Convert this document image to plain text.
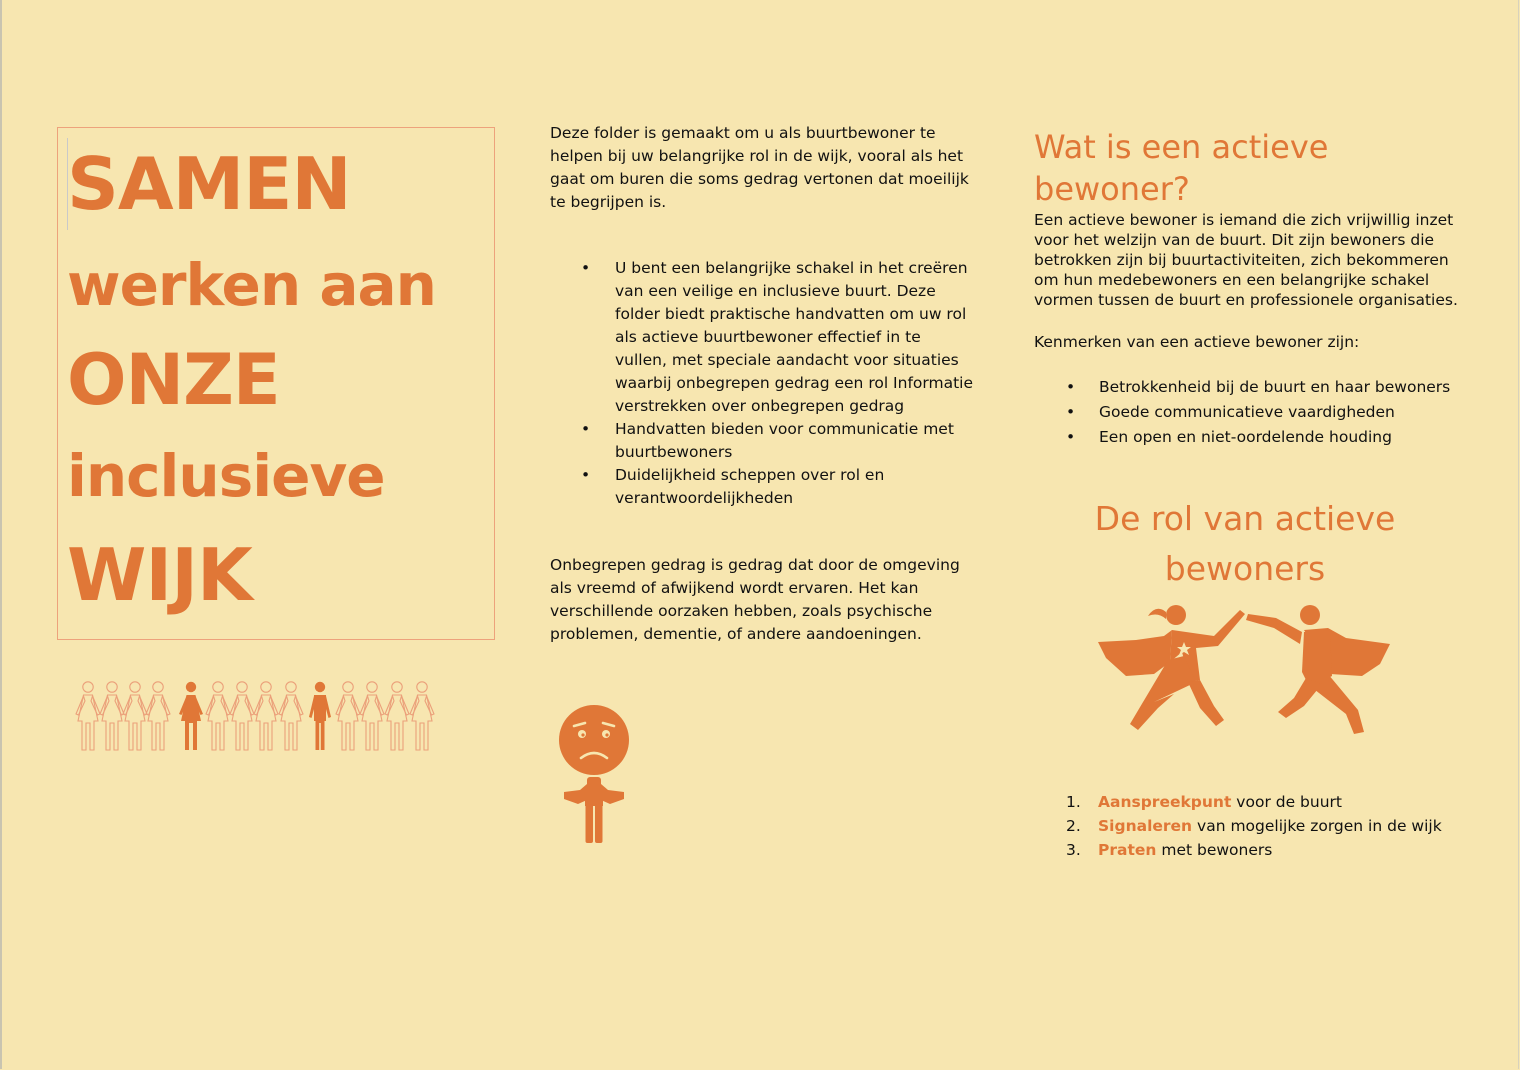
SAMEN
werken aan
ONZE
inclusieve
WIJK

Deze folder is gemaakt om u als buurtbewoner te helpen bij uw belangrijke rol in de wijk, vooral als het gaat om buren die soms gedrag vertonen dat moeilijk te begrijpen is.

• U bent een belangrijke schakel in het creëren van een veilige en inclusieve buurt. Deze folder biedt praktische handvatten om uw rol als actieve buurtbewoner effectief in te vullen, met speciale aandacht voor situaties waarbij onbegrepen gedrag een rol Informatie verstrekken over onbegrepen gedrag
• Handvatten bieden voor communicatie met buurtbewoners
• Duidelijkheid scheppen over rol en verantwoordelijkheden

Onbegrepen gedrag is gedrag dat door de omgeving als vreemd of afwijkend wordt ervaren. Het kan verschillende oorzaken hebben, zoals psychische problemen, dementie, of andere aandoeningen.

Wat is een actieve bewoner?

Een actieve bewoner is iemand die zich vrijwillig inzet voor het welzijn van de buurt. Dit zijn bewoners die betrokken zijn bij buurtactiviteiten, zich bekommeren om hun medebewoners en een belangrijke schakel vormen tussen de buurt en professionele organisaties.

Kenmerken van een actieve bewoner zijn:

• Betrokkenheid bij de buurt en haar bewoners
• Goede communicatieve vaardigheden
• Een open en niet-oordelende houding
De rol van actieve bewoners
1. Aanspreekpunt voor de buurt
2. Signaleren van mogelijke zorgen in de wijk
3. Praten met bewoners
